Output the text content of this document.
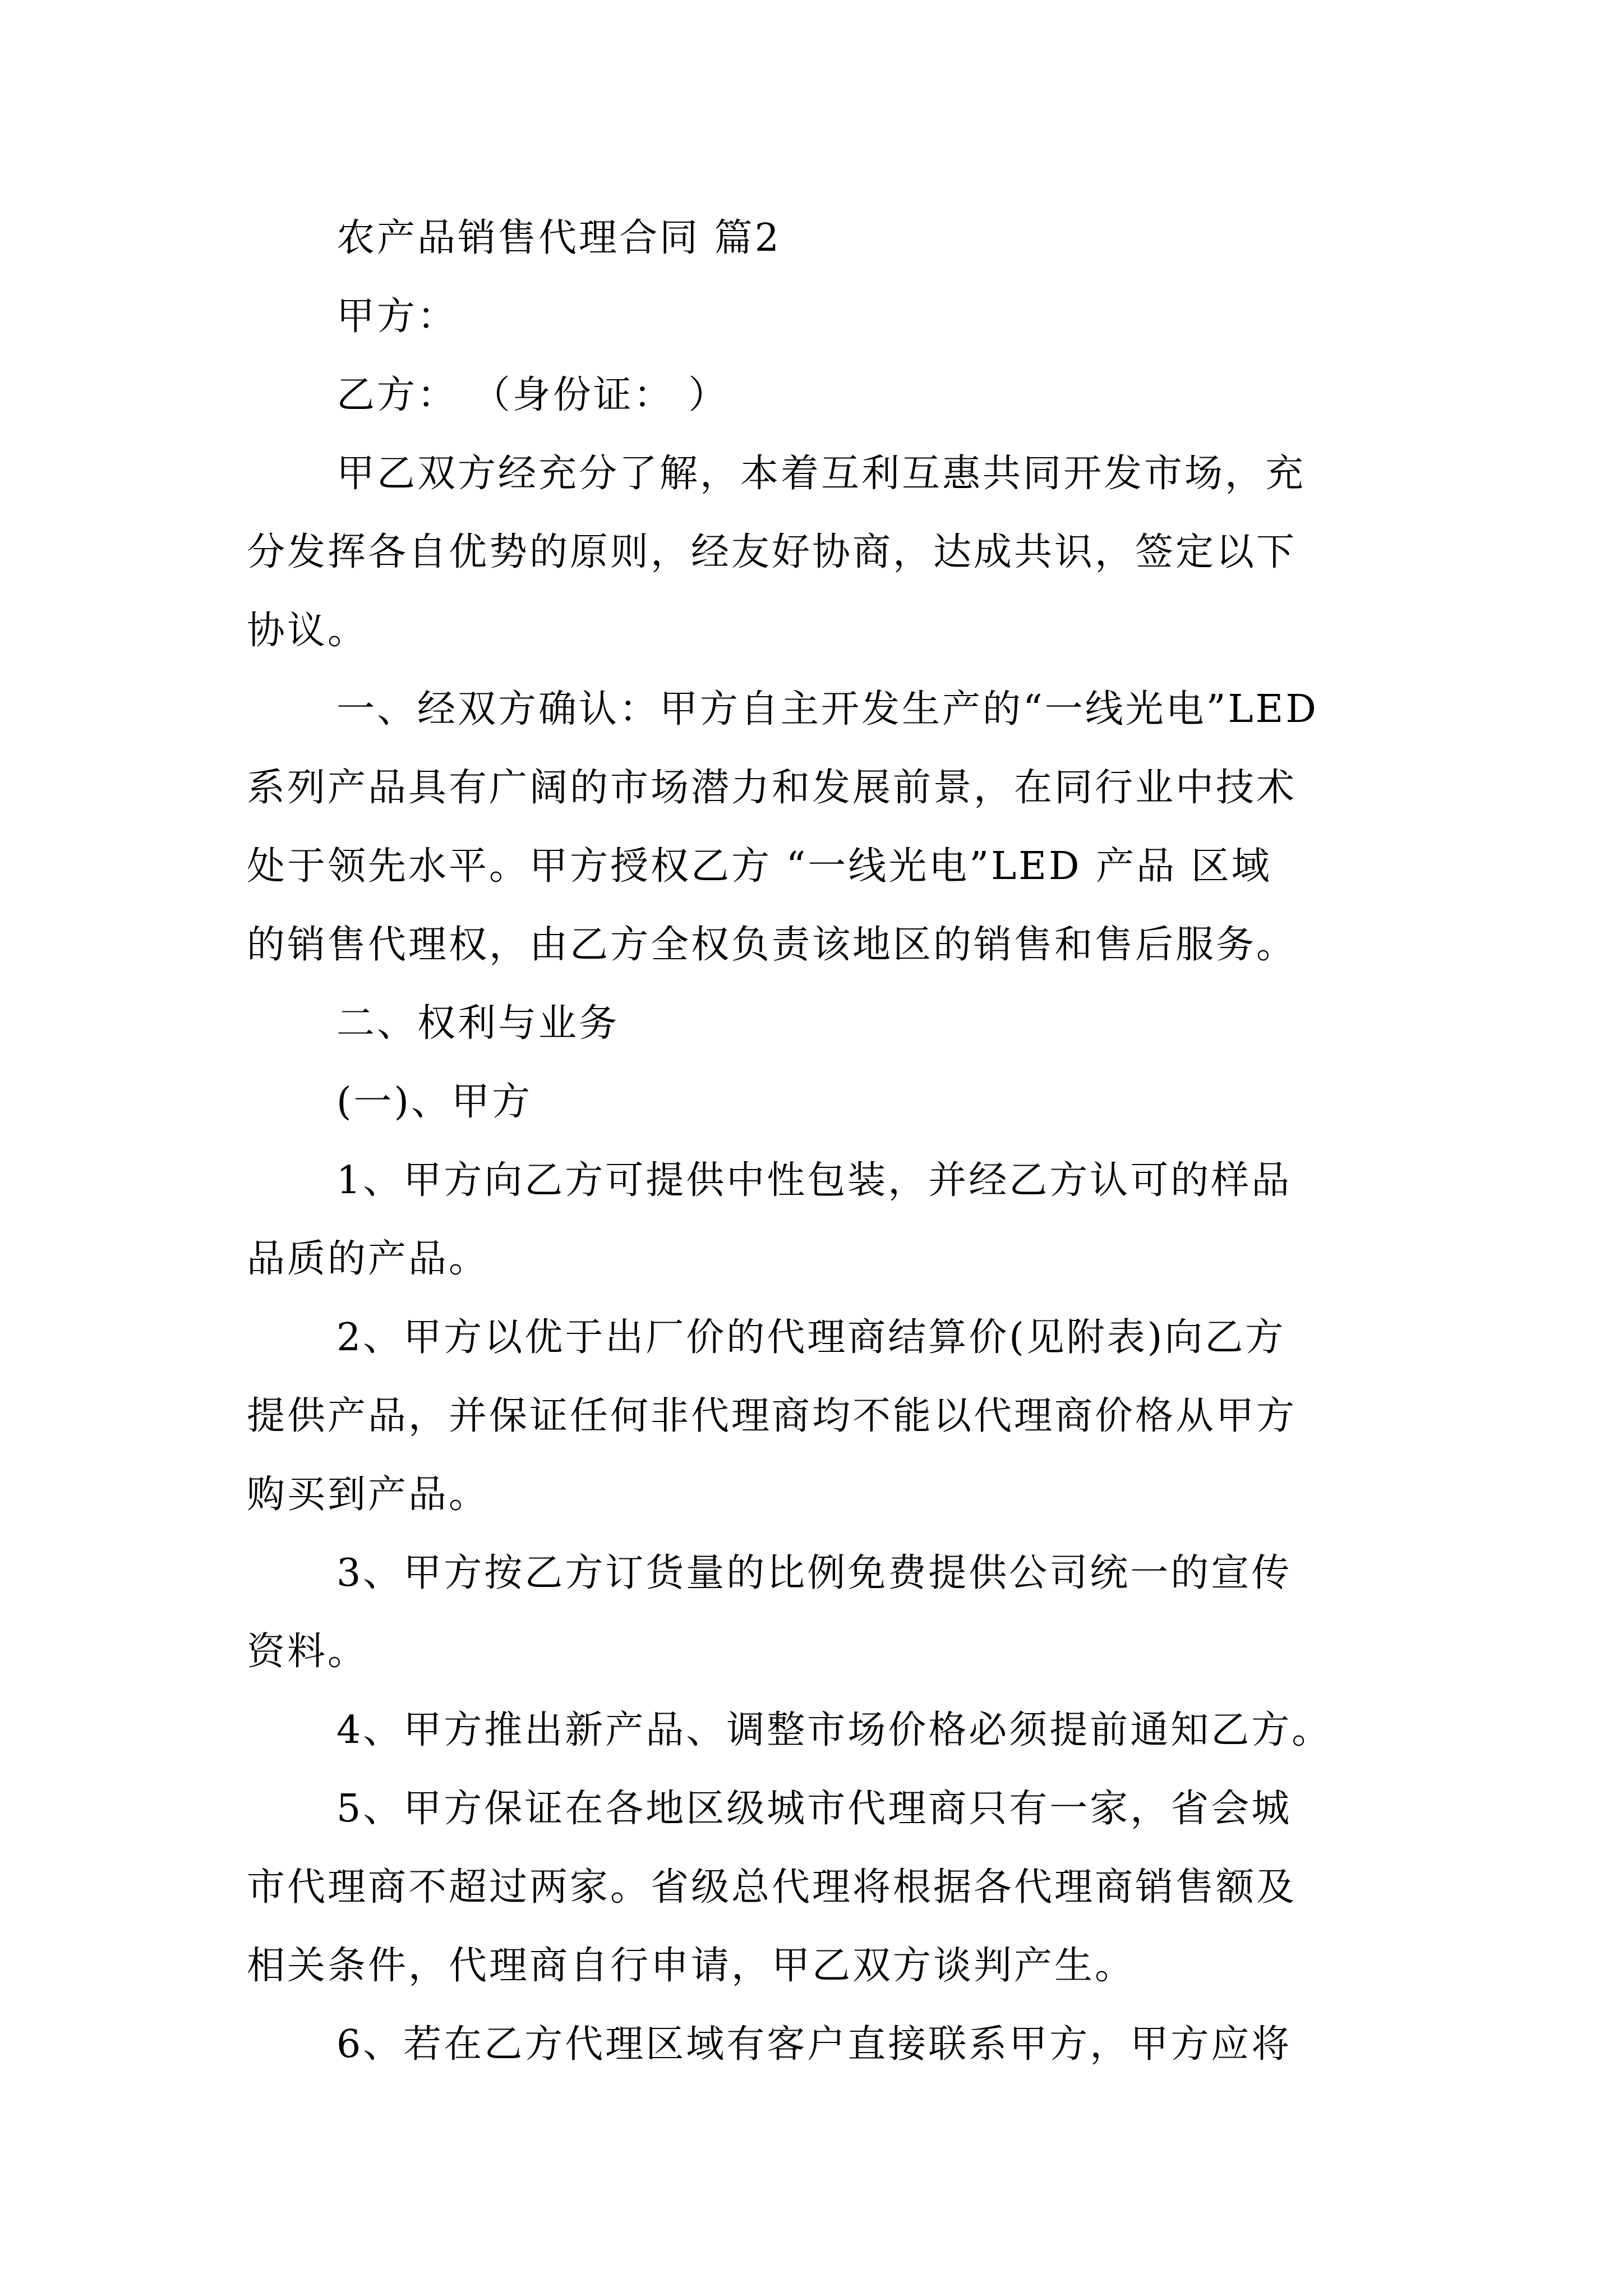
农产品销售代理合同 篇2
甲方：
乙方： （身份证： ）
甲乙双方经充分了解，本着互利互惠共同开发市场，充
分发挥各自优势的原则，经友好协商，达成共识，签定以下
协议。
一、经双方确认：甲方自主开发生产的“一线光电”LED
系列产品具有广阔的市场潜力和发展前景，在同行业中技术
处于领先水平。甲方授权乙方 “一线光电”LED 产品 区域
的销售代理权，由乙方全权负责该地区的销售和售后服务。
二、权利与业务
(一)、甲方
1、甲方向乙方可提供中性包装，并经乙方认可的样品
品质的产品。
2、甲方以优于出厂价的代理商结算价(见附表)向乙方
提供产品，并保证任何非代理商均不能以代理商价格从甲方
购买到产品。
3、甲方按乙方订货量的比例免费提供公司统一的宣传
资料。
4、甲方推出新产品、调整市场价格必须提前通知乙方。
5、甲方保证在各地区级城市代理商只有一家，省会城
市代理商不超过两家。省级总代理将根据各代理商销售额及
相关条件，代理商自行申请，甲乙双方谈判产生。
6、若在乙方代理区域有客户直接联系甲方，甲方应将
